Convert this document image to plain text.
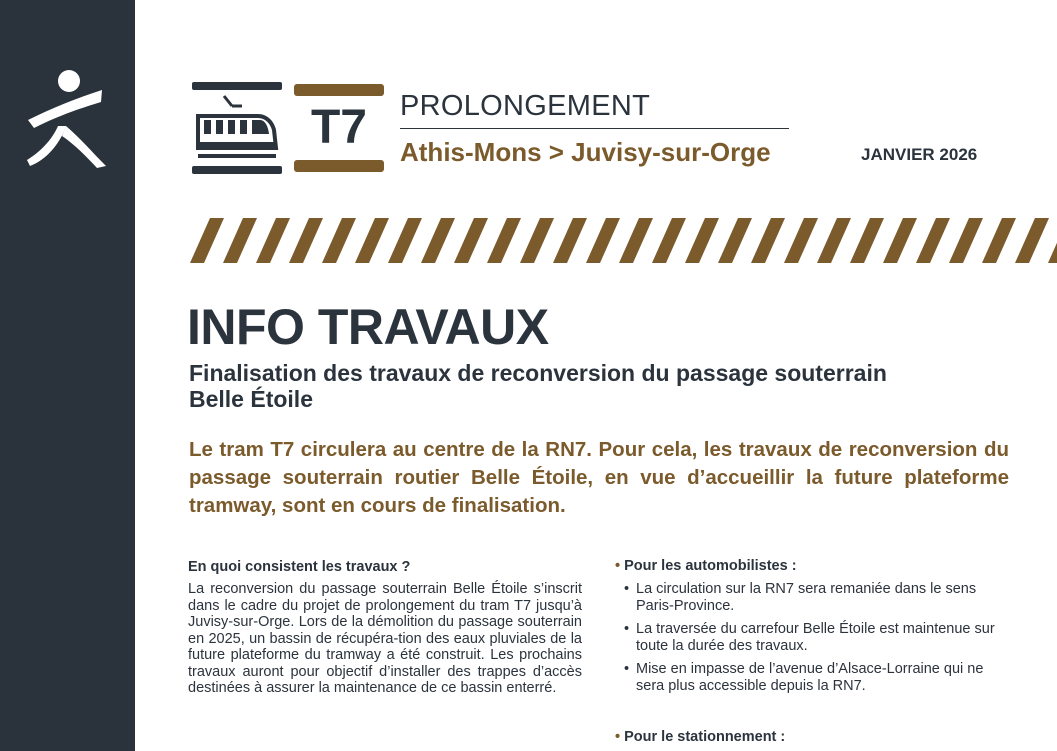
T7	PROLONGEMENT
Athis-Mons > Juvisy-sur-Orge	JANVIER 2026
INFO TRAVAUX
Finalisation des travaux de reconversion du passage souterrain
Belle Étoile
Le tram T7 circulera au centre de la RN7. Pour cela, les travaux de reconversion du passage souterrain routier Belle Étoile, en vue d’accueillir la future plateforme tramway, sont en cours de finalisation.
En quoi consistent les travaux ?
La reconversion du passage souterrain Belle Étoile s’inscrit dans le cadre du projet de prolongement du tram T7 jusqu’à Juvisy-sur-Orge. Lors de la démolition du passage souterrain en 2025, un bassin de récupéra-tion des eaux pluviales de la future plateforme du tramway a été construit. Les prochains travaux auront pour objectif d’installer des trappes d’accès destinées à assurer la maintenance de ce bassin enterré.
• Pour les automobilistes :
• La circulation sur la RN7 sera remaniée dans le sens Paris-Province.
• La traversée du carrefour Belle Étoile est maintenue sur toute la durée des travaux.
• Mise en impasse de l’avenue d’Alsace-Lorraine qui ne sera plus accessible depuis la RN7.
• Pour le stationnement :
